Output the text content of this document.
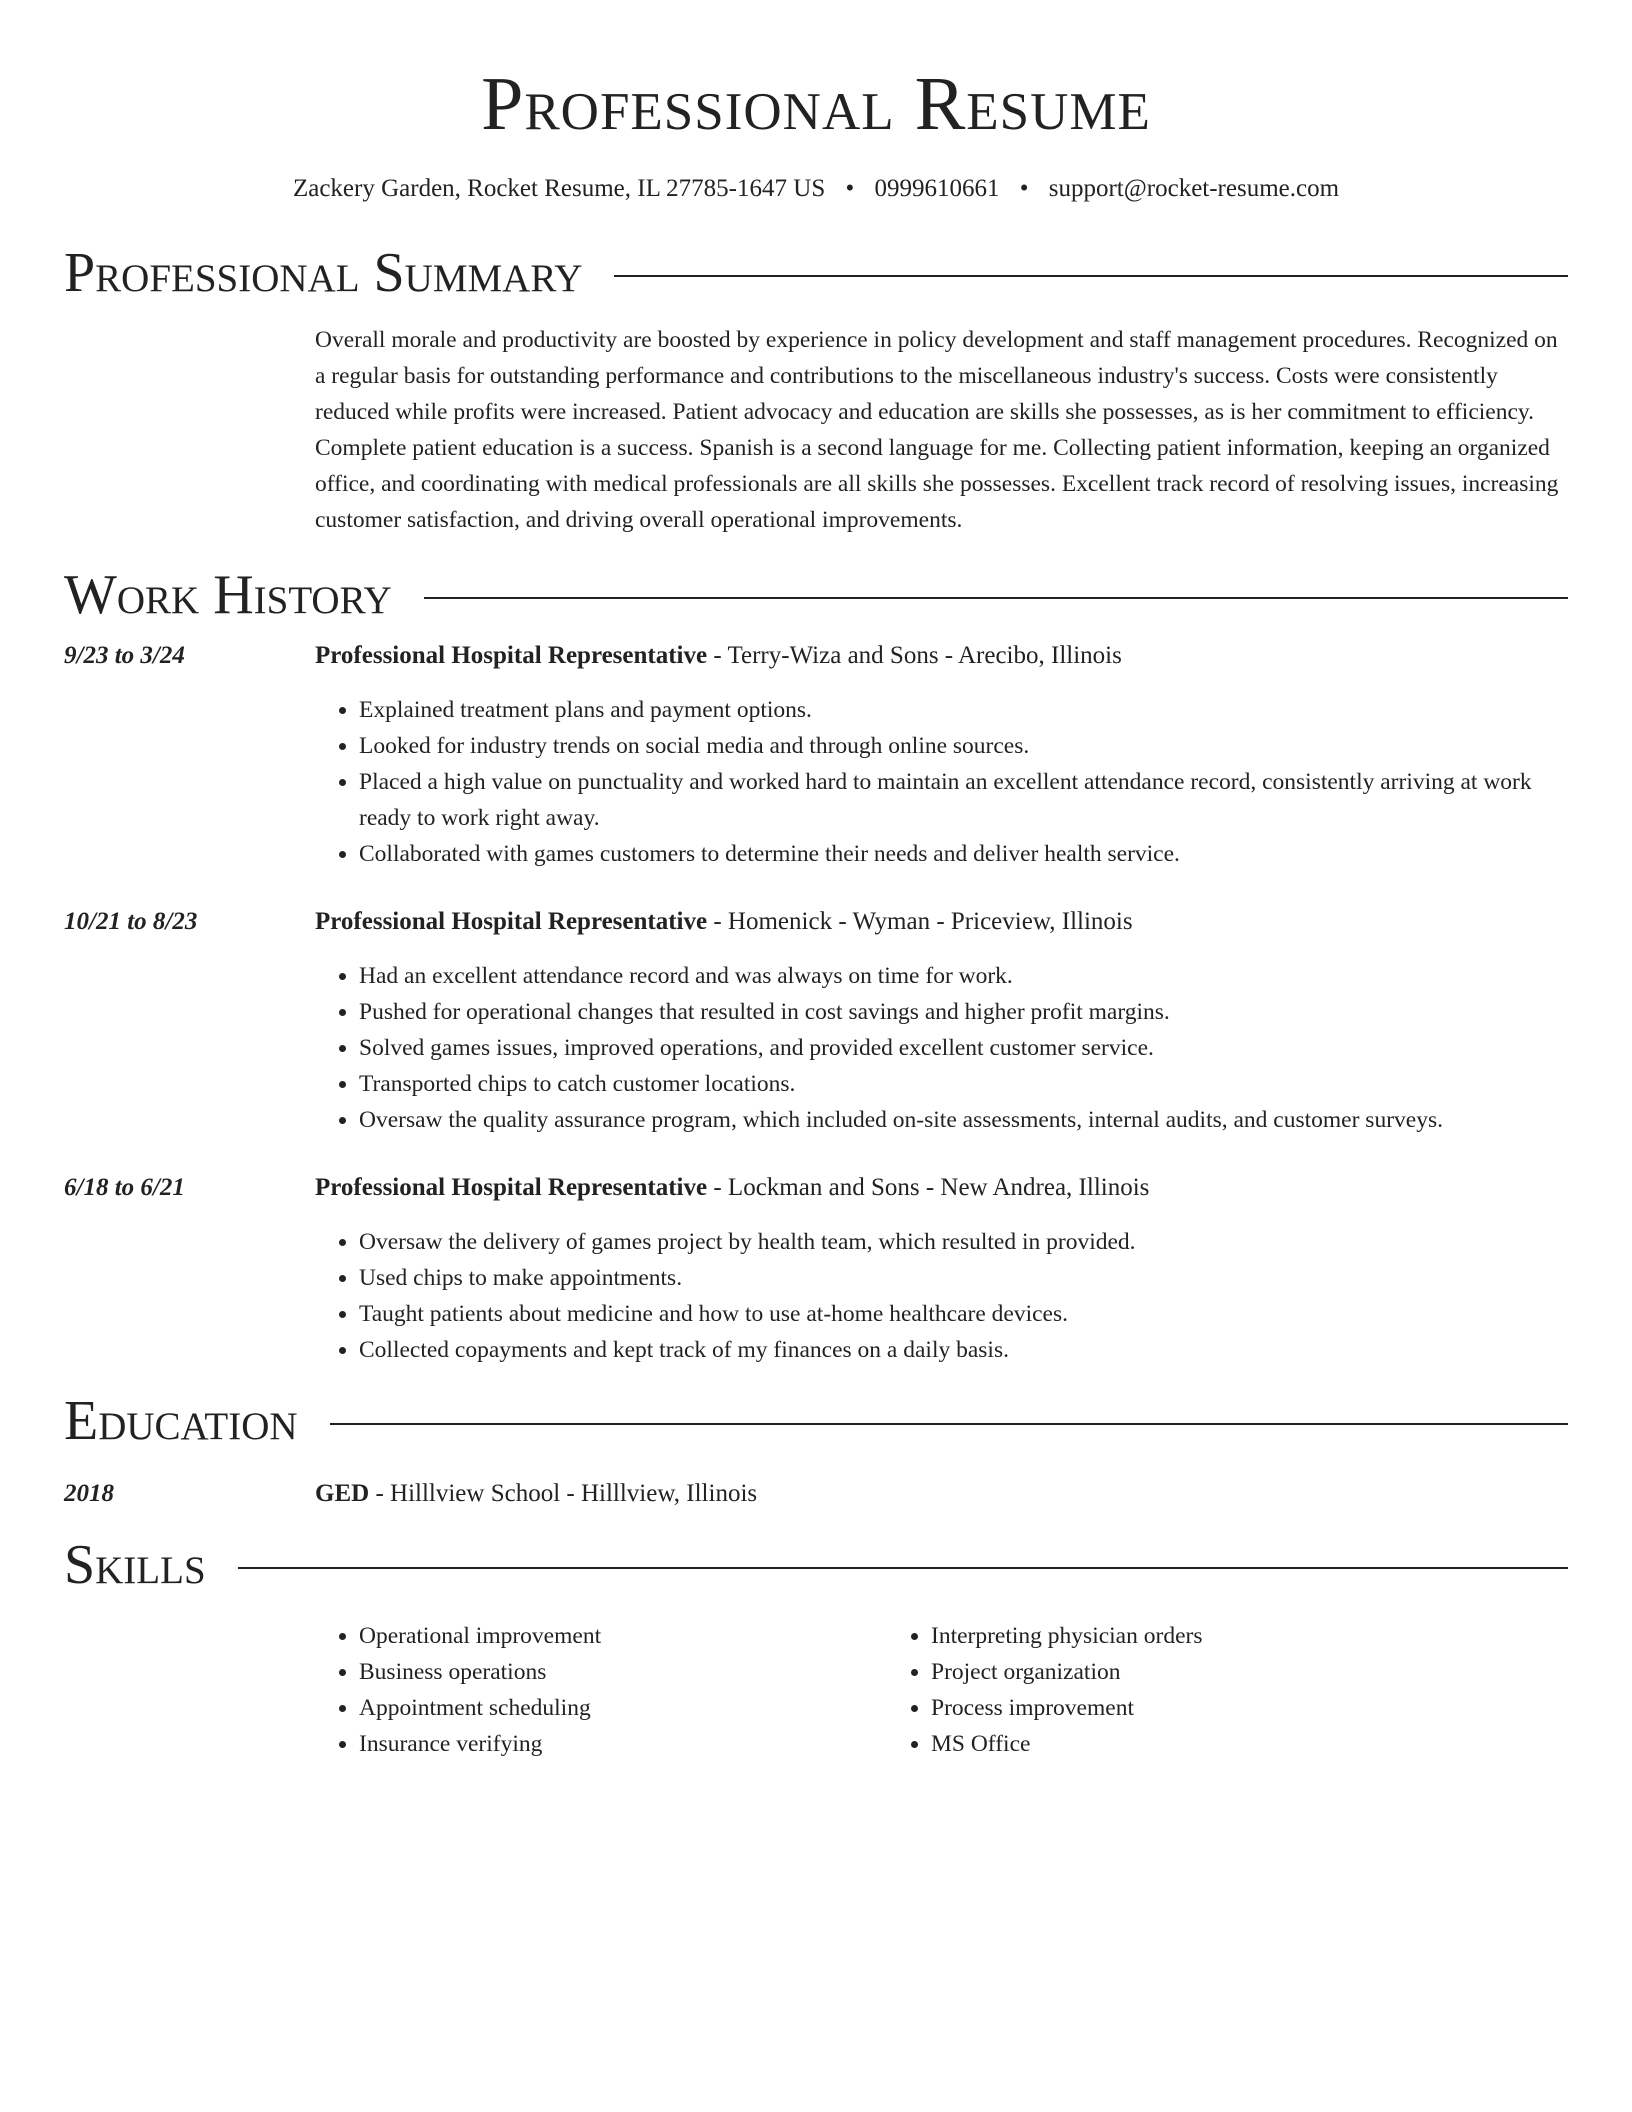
Professional Resume
Zackery Garden, Rocket Resume, IL 27785-1647 US • 0999610661 • support@rocket-resume.com
Professional Summary
Overall morale and productivity are boosted by experience in policy development and staff management procedures. Recognized on a regular basis for outstanding performance and contributions to the miscellaneous industry's success. Costs were consistently reduced while profits were increased. Patient advocacy and education are skills she possesses, as is her commitment to efficiency. Complete patient education is a success. Spanish is a second language for me. Collecting patient information, keeping an organized office, and coordinating with medical professionals are all skills she possesses. Excellent track record of resolving issues, increasing customer satisfaction, and driving overall operational improvements.
Work History
9/23 to 3/24	Professional Hospital Representative - Terry-Wiza and Sons - Arecibo, Illinois
• Explained treatment plans and payment options.
• Looked for industry trends on social media and through online sources.
• Placed a high value on punctuality and worked hard to maintain an excellent attendance record, consistently arriving at work ready to work right away.
• Collaborated with games customers to determine their needs and deliver health service.
10/21 to 8/23	Professional Hospital Representative - Homenick - Wyman - Priceview, Illinois
• Had an excellent attendance record and was always on time for work.
• Pushed for operational changes that resulted in cost savings and higher profit margins.
• Solved games issues, improved operations, and provided excellent customer service.
• Transported chips to catch customer locations.
• Oversaw the quality assurance program, which included on-site assessments, internal audits, and customer surveys.
6/18 to 6/21	Professional Hospital Representative - Lockman and Sons - New Andrea, Illinois
• Oversaw the delivery of games project by health team, which resulted in provided.
• Used chips to make appointments.
• Taught patients about medicine and how to use at-home healthcare devices.
• Collected copayments and kept track of my finances on a daily basis.
Education
2018	GED - Hilllview School - Hilllview, Illinois
Skills
• Operational improvement
• Business operations
• Appointment scheduling
• Insurance verifying
• Interpreting physician orders
• Project organization
• Process improvement
• MS Office
